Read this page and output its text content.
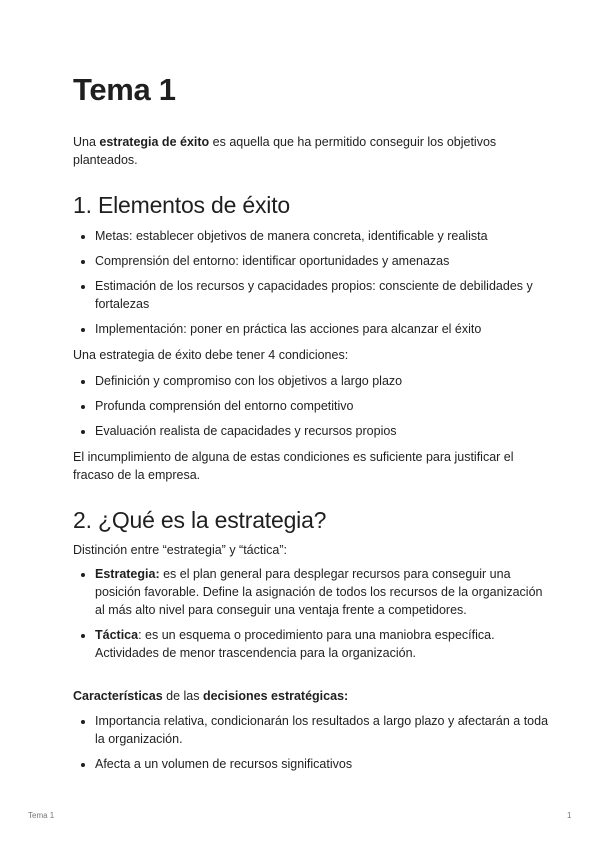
Tema 1

Una estrategia de éxito es aquella que ha permitido conseguir los objetivos planteados.

1. Elementos de éxito
• Metas: establecer objetivos de manera concreta, identificable y realista
• Comprensión del entorno: identificar oportunidades y amenazas
• Estimación de los recursos y capacidades propios: consciente de debilidades y fortalezas
• Implementación: poner en práctica las acciones para alcanzar el éxito

Una estrategia de éxito debe tener 4 condiciones:

• Definición y compromiso con los objetivos a largo plazo
• Profunda comprensión del entorno competitivo
• Evaluación realista de capacidades y recursos propios

El incumplimiento de alguna de estas condiciones es suficiente para justificar el fracaso de la empresa.

2. ¿Qué es la estrategia?

Distinción entre “estrategia” y “táctica”:

• Estrategia: es el plan general para desplegar recursos para conseguir una posición favorable. Define la asignación de todos los recursos de la organización al más alto nivel para conseguir una ventaja frente a competidores.
• Táctica: es un esquema o procedimiento para una maniobra específica. Actividades de menor trascendencia para la organización.

Características de las decisiones estratégicas:

• Importancia relativa, condicionarán los resultados a largo plazo y afectarán a toda la organización.
• Afecta a un volumen de recursos significativos
Tema 1	1
